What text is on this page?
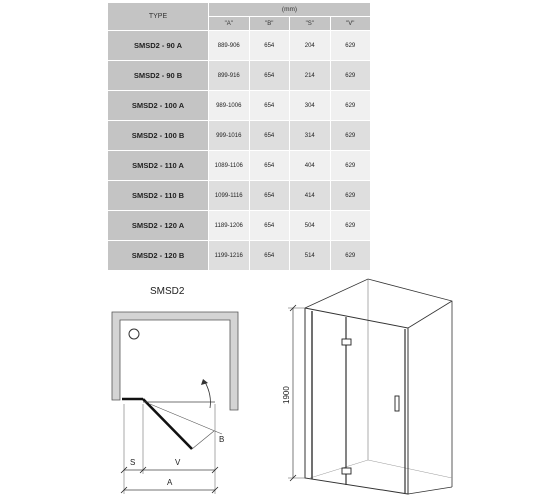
TYPE	(mm)			
	"A"	"B"	"S"	"V"
SMSD2 - 90 A	889-906	654	204	629
SMSD2 - 90 B	899-916	654	214	629
SMSD2 - 100 A	989-1006	654	304	629
SMSD2 - 100 B	999-1016	654	314	629
SMSD2 - 110 A	1089-1106	654	404	629
SMSD2 - 110 B	1099-1116	654	414	629
SMSD2 - 120 A	1189-1206	654	504	629
SMSD2 - 120 B	1199-1216	654	514	629
SMSD2
S	V
A
B
1900
